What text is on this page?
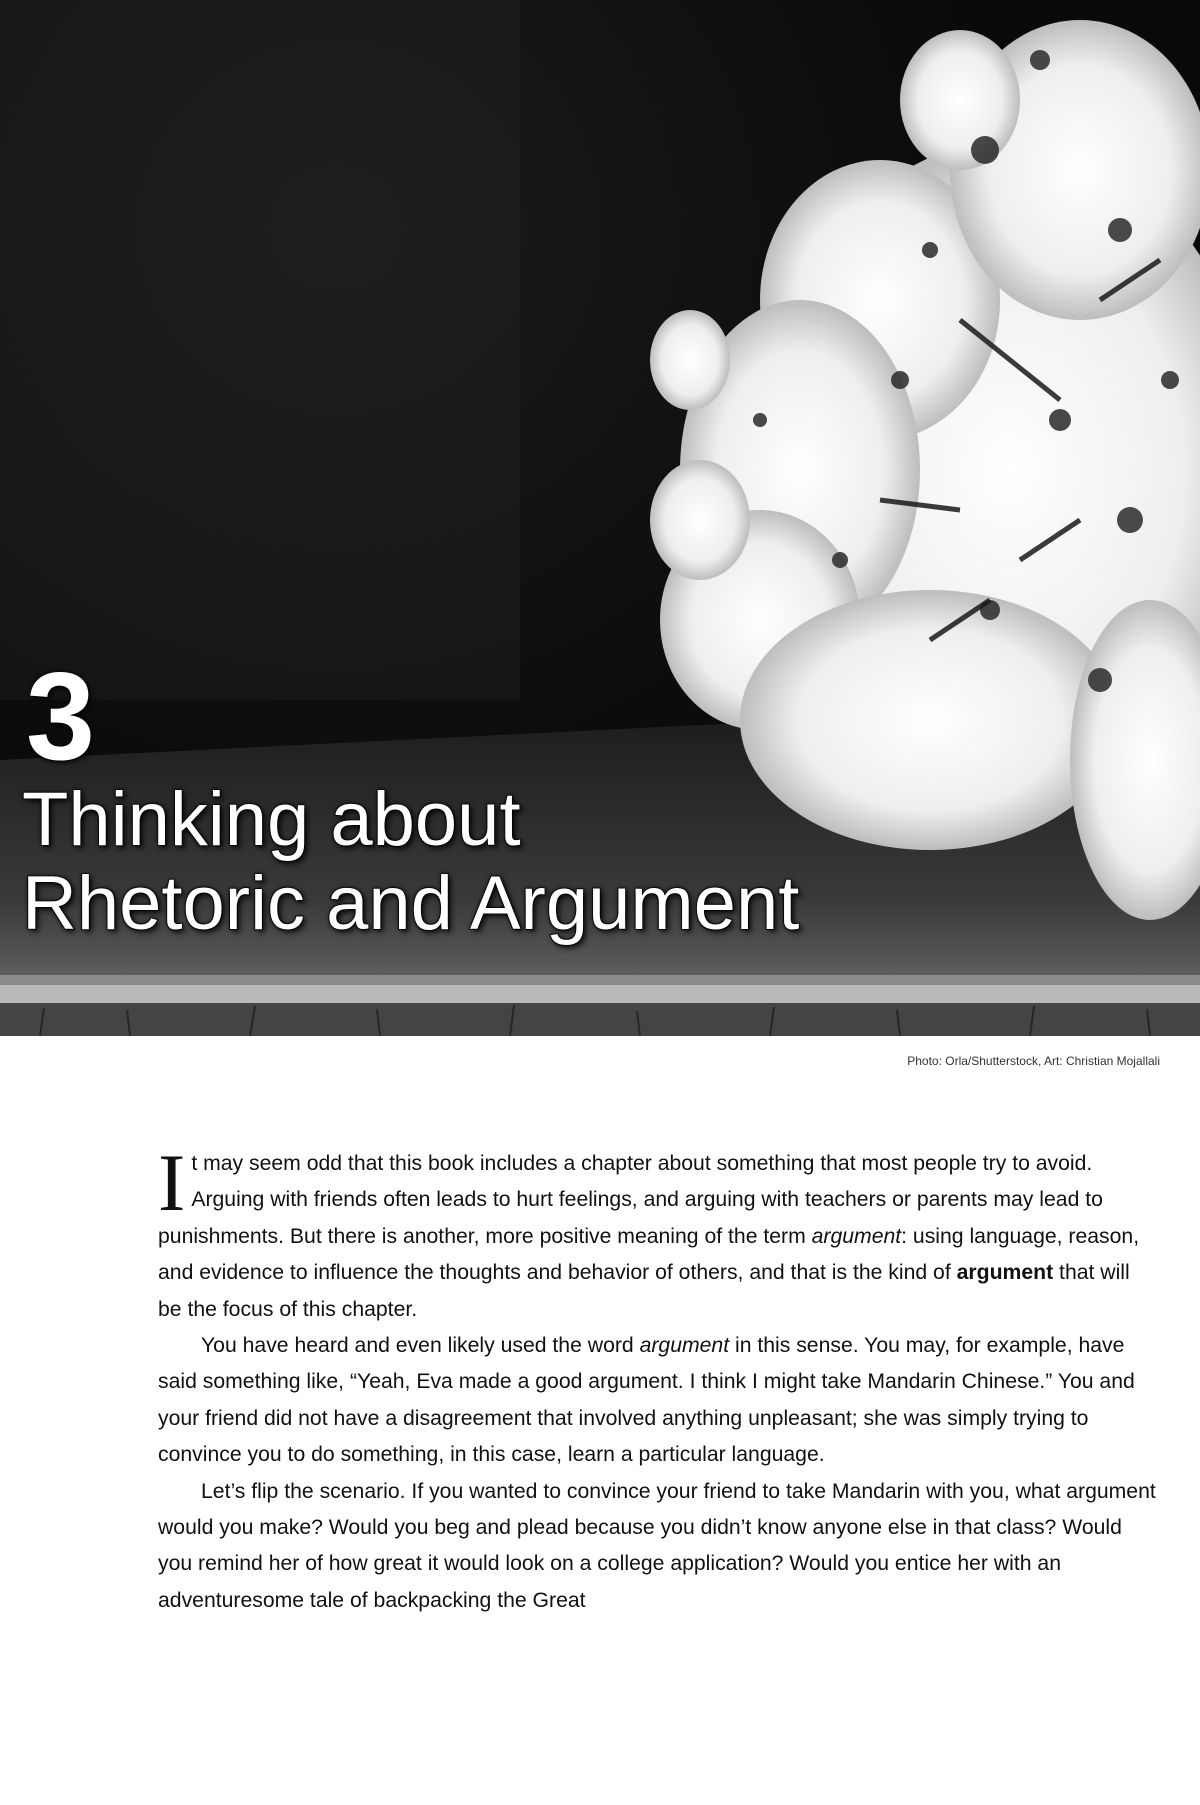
3
Thinking about
Rhetoric and Argument
Photo: Orla/Shutterstock, Art: Christian Mojallali

It may seem odd that this book includes a chapter about something that most people try to avoid. Arguing with friends often leads to hurt feelings, and arguing with teachers or parents may lead to punishments. But there is another, more positive meaning of the term argument: using language, reason, and evidence to influence the thoughts and behavior of others, and that is the kind of argument that will be the focus of this chapter.

You have heard and even likely used the word argument in this sense. You may, for example, have said something like, “Yeah, Eva made a good argument. I think I might take Mandarin Chinese.” You and your friend did not have a disagreement that involved anything unpleasant; she was simply trying to convince you to do something, in this case, learn a particular language.

Let’s flip the scenario. If you wanted to convince your friend to take Mandarin with you, what argument would you make? Would you beg and plead because you didn’t know anyone else in that class? Would you remind her of how great it would look on a college application? Would you entice her with an adventuresome tale of backpacking the Great
